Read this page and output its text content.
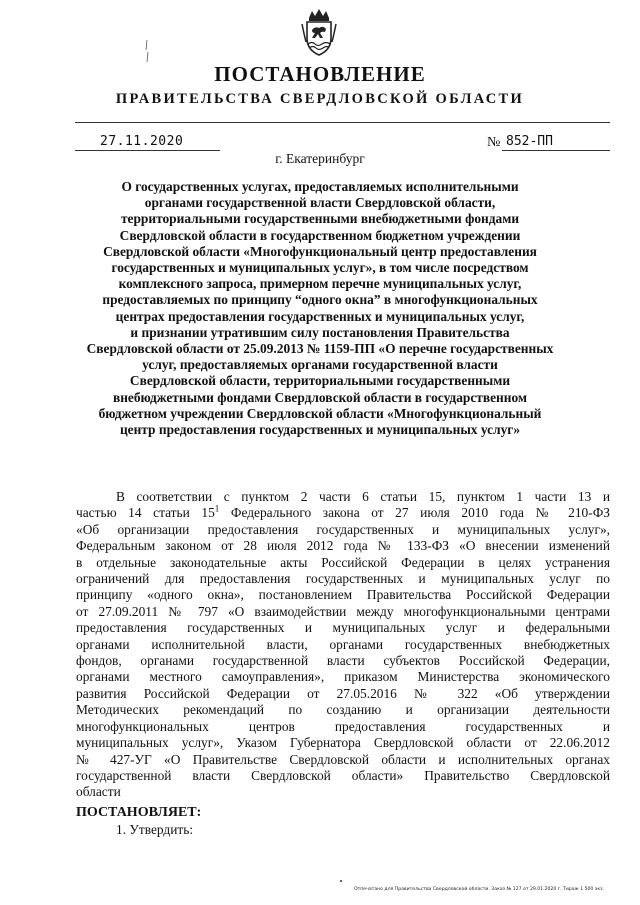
ПОСТАНОВЛЕНИЕ
ПРАВИТЕЛЬСТВА СВЕРДЛОВСКОЙ ОБЛАСТИ
27.11.2020	№ 852-ПП
г. Екатеринбург
О государственных услугах, предоставляемых исполнительными
органами государственной власти Свердловской области,
территориальными государственными внебюджетными фондами
Свердловской области в государственном бюджетном учреждении
Свердловской области «Многофункциональный центр предоставления
государственных и муниципальных услуг», в том числе посредством
комплексного запроса, примерном перечне муниципальных услуг,
предоставляемых по принципу “одного окна” в многофункциональных
центрах предоставления государственных и муниципальных услуг,
и признании утратившим силу постановления Правительства
Свердловской области от 25.09.2013 № 1159-ПП «О перечне государственных
услуг, предоставляемых органами государственной власти
Свердловской области, территориальными государственными
внебюджетными фондами Свердловской области в государственном
бюджетном учреждении Свердловской области «Многофункциональный
центр предоставления государственных и муниципальных услуг»
В соответствии с пунктом 2 части 6 статьи 15, пунктом 1 части 13 и
частью 14 статьи $15^1$ Федерального закона от 27 июля 2010 года № 210-ФЗ
«Об организации предоставления государственных и муниципальных услуг»,
Федеральным законом от 28 июля 2012 года № 133-ФЗ «О внесении изменений
в отдельные законодательные акты Российской Федерации в целях устранения
ограничений для предоставления государственных и муниципальных услуг по
принципу «одного окна», постановлением Правительства Российской Федерации
от 27.09.2011 № 797 «О взаимодействии между многофункциональными центрами
предоставления государственных и муниципальных услуг и федеральными
органами исполнительной власти, органами государственных внебюджетных
фондов, органами государственной власти субъектов Российской Федерации,
органами местного самоуправления», приказом Министерства экономического
развития Российской Федерации от 27.05.2016 № 322 «Об утверждении
Методических рекомендаций по созданию и организации деятельности
многофункциональных центров предоставления государственных и
муниципальных услуг», Указом Губернатора Свердловской области от 22.06.2012
№ 427-УГ «О Правительстве Свердловской области и исполнительных органах
государственной власти Свердловской области» Правительство Свердловской
области
ПОСТАНОВЛЯЕТ:
1. Утвердить:
Отпечатано для Правительства Свердловской области. Заказ № 127 от 29.01.2020 г. Тираж 1 500 экз.
